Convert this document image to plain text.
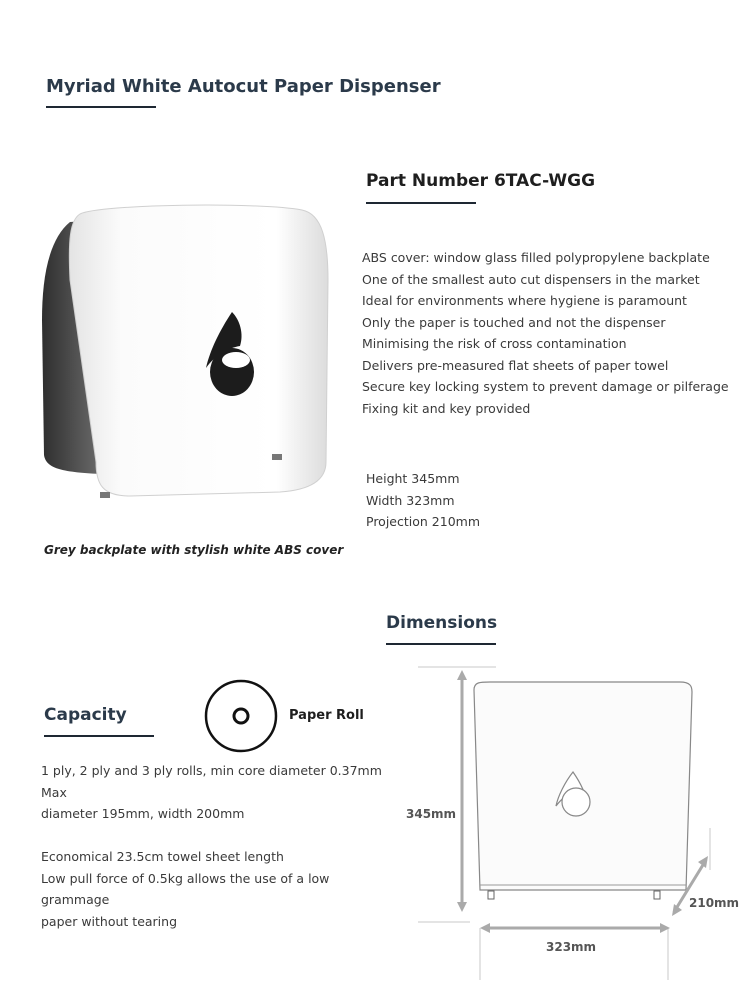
Myriad White Autocut Paper Dispenser
Grey backplate with stylish white ABS cover
Part Number 6TAC-WGG
ABS cover: window glass filled polypropylene backplate
One of the smallest auto cut dispensers in the market
Ideal for environments where hygiene is paramount
Only the paper is touched and not the dispenser
Minimising the risk of cross contamination
Delivers pre-measured flat sheets of paper towel
Secure key locking system to prevent damage or pilferage
Fixing kit and key provided
Height 345mm
Width 323mm
Projection 210mm
Dimensions
Capacity	Paper Roll
1 ply, 2 ply and 3 ply rolls, min core diameter 0.37mm Max
diameter 195mm, width 200mm
Economical 23.5cm towel sheet length
Low pull force of 0.5kg allows the use of a low grammage
paper without tearing
345mm
323mm
210mm
